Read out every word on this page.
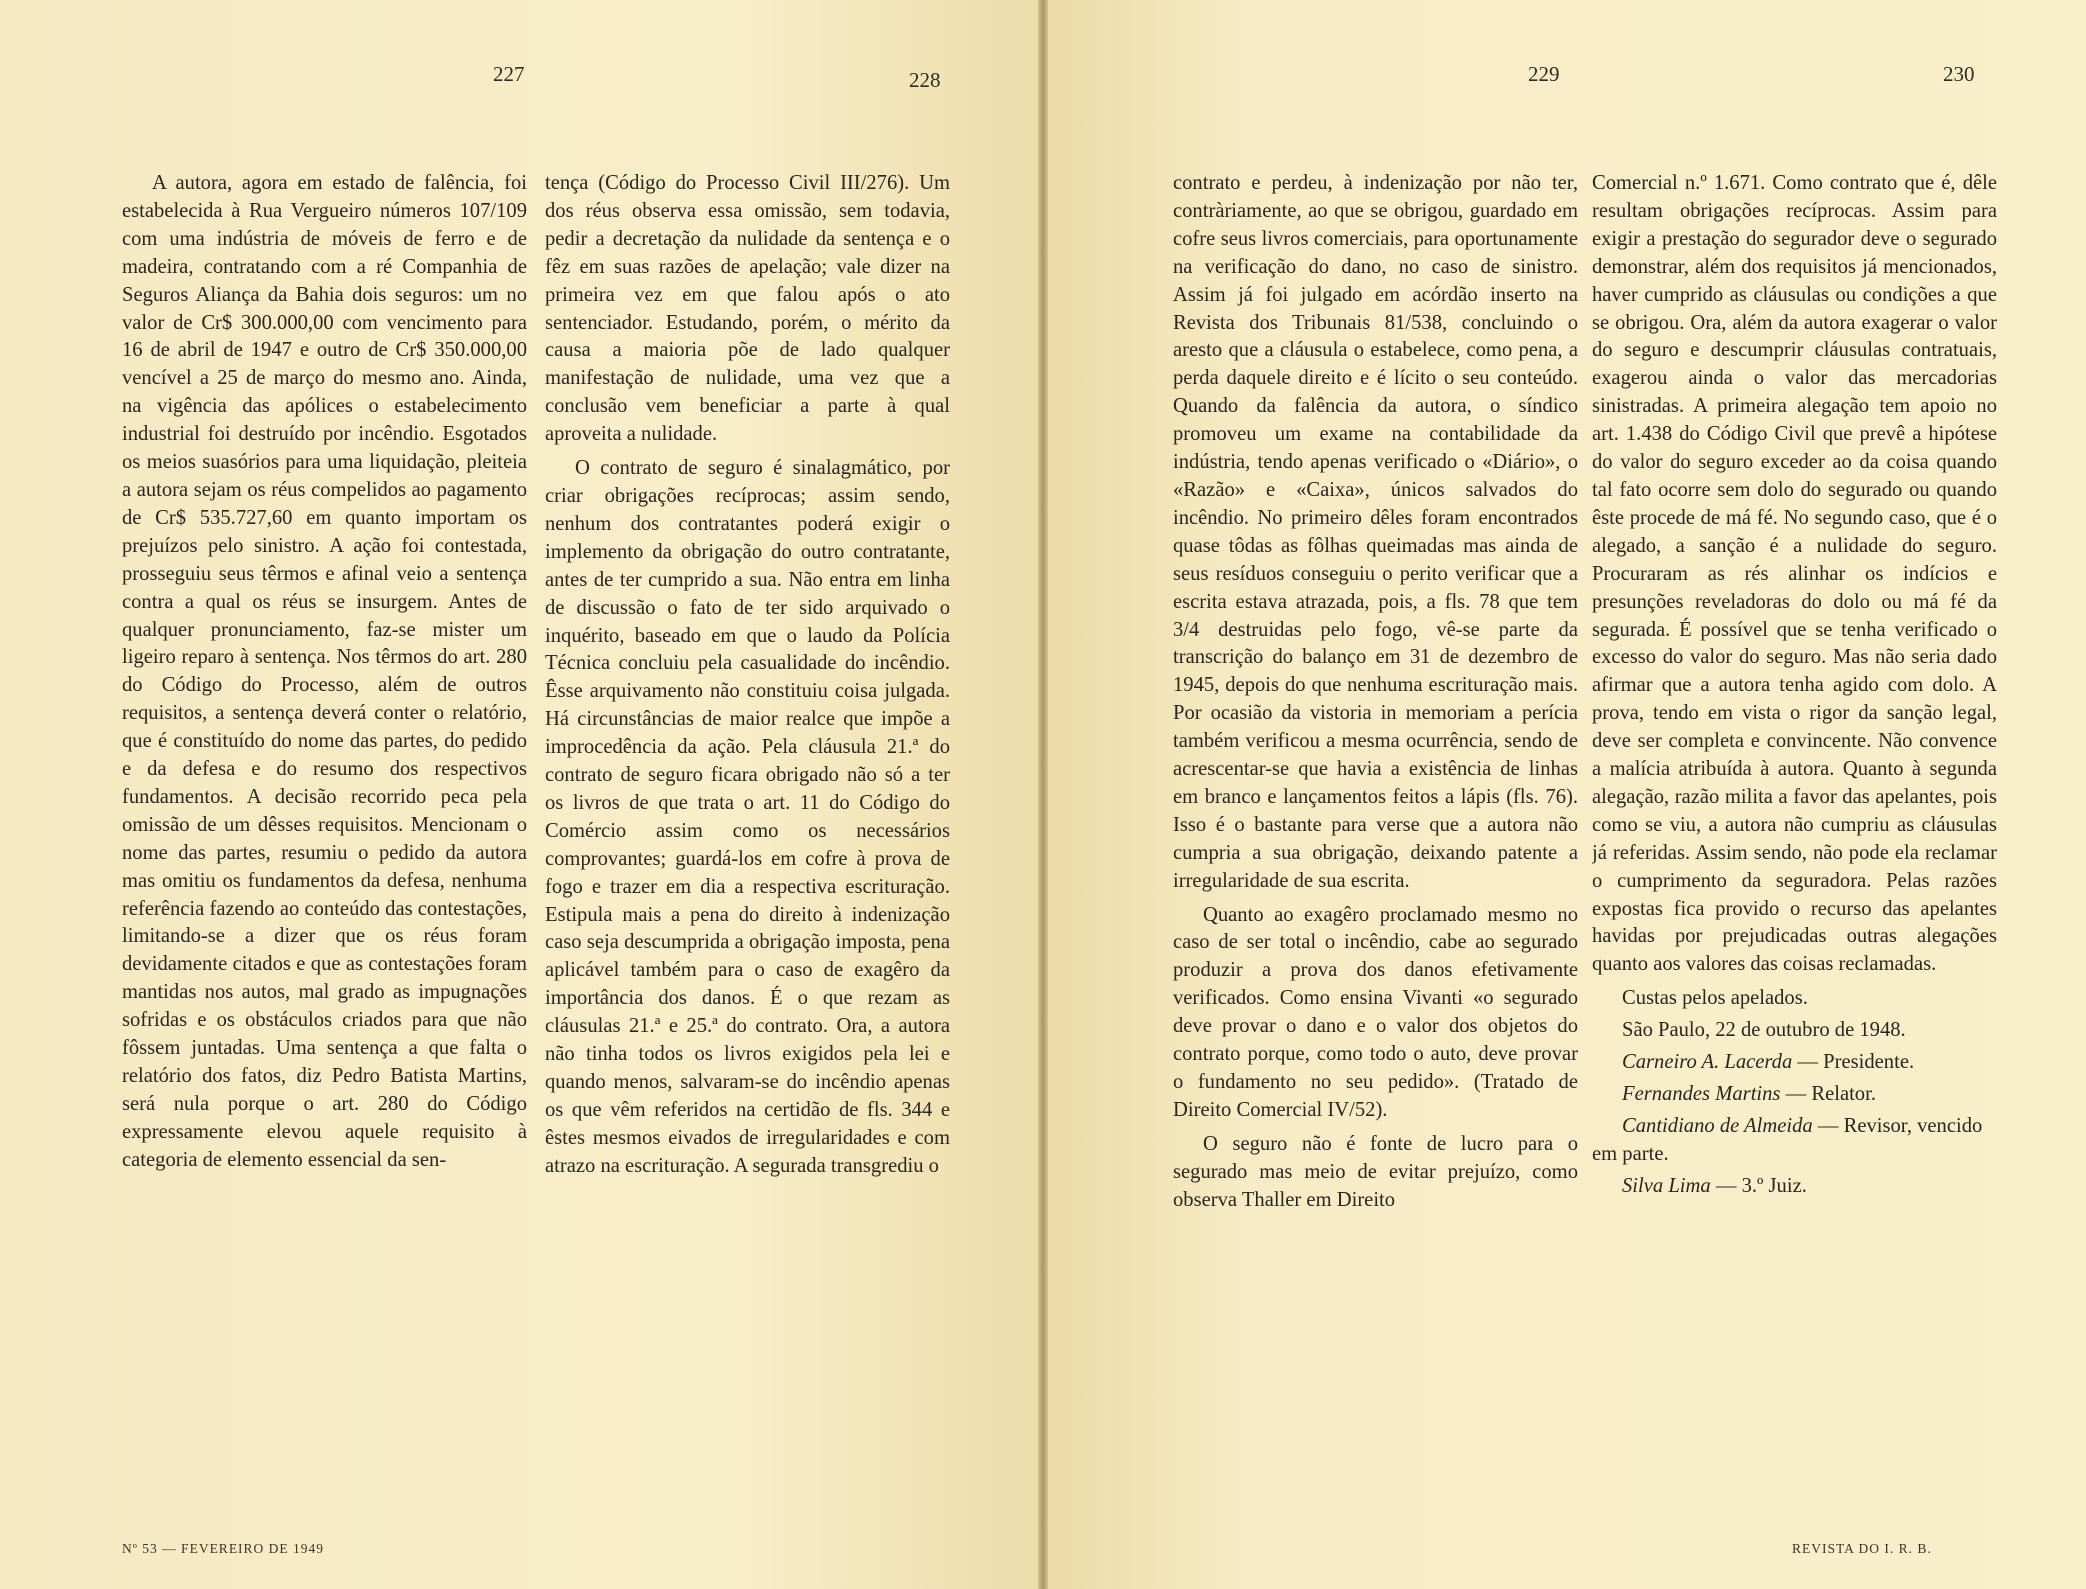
227	228	229	230

A autora, agora em estado de falência, foi estabelecida à Rua Vergueiro números 107/109 com uma indústria de móveis de ferro e de madeira, contratando com a ré Companhia de Seguros Aliança da Bahia dois seguros: um no valor de Cr$ 300.000,00 com vencimento para 16 de abril de 1947 e outro de Cr$ 350.000,00 vencível a 25 de março do mesmo ano. Ainda, na vigência das apólices o estabelecimento industrial foi destruído por incêndio. Esgotados os meios suasórios para uma liquidação, pleiteia a autora sejam os réus compelidos ao pagamento de Cr$ 535.727,60 em quanto importam os prejuízos pelo sinistro. A ação foi contestada, prosseguiu seus têrmos e afinal veio a sentença contra a qual os réus se insurgem. Antes de qualquer pronunciamento, faz-se mister um ligeiro reparo à sentença. Nos têrmos do art. 280 do Código do Processo, além de outros requisitos, a sentença deverá conter o relatório, que é constituído do nome das partes, do pedido e da defesa e do resumo dos respectivos fundamentos. A decisão recorrido peca pela omissão de um dêsses requisitos. Mencionam o nome das partes, resumiu o pedido da autora mas omitiu os fundamentos da defesa, nenhuma referência fazendo ao conteúdo das contestações, limitando-se a dizer que os réus foram devidamente citados e que as contestações foram mantidas nos autos, mal grado as impugnações sofridas e os obstáculos criados para que não fôssem juntadas. Uma sentença a que falta o relatório dos fatos, diz Pedro Batista Martins, será nula porque o art. 280 do Código expressamente elevou aquele requisito à categoria de elemento essencial da sen-

tença (Código do Processo Civil III/276). Um dos réus observa essa omissão, sem todavia, pedir a decretação da nulidade da sentença e o fêz em suas razões de apelação; vale dizer na primeira vez em que falou após o ato sentenciador. Estudando, porém, o mérito da causa a maioria põe de lado qualquer manifestação de nulidade, uma vez que a conclusão vem beneficiar a parte à qual aproveita a nulidade.

O contrato de seguro é sinalagmático, por criar obrigações recíprocas; assim sendo, nenhum dos contratantes poderá exigir o implemento da obrigação do outro contratante, antes de ter cumprido a sua. Não entra em linha de discussão o fato de ter sido arquivado o inquérito, baseado em que o laudo da Polícia Técnica concluiu pela casualidade do incêndio. Êsse arquivamento não constituiu coisa julgada. Há circunstâncias de maior realce que impõe a improcedência da ação. Pela cláusula 21.ª do contrato de seguro ficara obrigado não só a ter os livros de que trata o art. 11 do Código do Comércio assim como os necessários comprovantes; guardá-los em cofre à prova de fogo e trazer em dia a respectiva escrituração. Estipula mais a pena do direito à indenização caso seja descumprida a obrigação imposta, pena aplicável também para o caso de exagêro da importância dos danos. É o que rezam as cláusulas 21.ª e 25.ª do contrato. Ora, a autora não tinha todos os livros exigidos pela lei e quando menos, salvaram-se do incêndio apenas os que vêm referidos na certidão de fls. 344 e êstes mesmos eivados de irregularidades e com atrazo na escrituração. A segurada transgrediu o

contrato e perdeu, à indenização por não ter, contràriamente, ao que se obrigou, guardado em cofre seus livros comerciais, para oportunamente na verificação do dano, no caso de sinistro. Assim já foi julgado em acórdão inserto na Revista dos Tribunais 81/538, concluindo o aresto que a cláusula o estabelece, como pena, a perda daquele direito e é lícito o seu conteúdo. Quando da falência da autora, o síndico promoveu um exame na contabilidade da indústria, tendo apenas verificado o «Diário», o «Razão» e «Caixa», únicos salvados do incêndio. No primeiro dêles foram encontrados quase tôdas as fôlhas queimadas mas ainda de seus resíduos conseguiu o perito verificar que a escrita estava atrazada, pois, a fls. 78 que tem 3/4 destruidas pelo fogo, vê-se parte da transcrição do balanço em 31 de dezembro de 1945, depois do que nenhuma escrituração mais. Por ocasião da vistoria in memoriam a perícia também verificou a mesma ocurrência, sendo de acrescentar-se que havia a existência de linhas em branco e lançamentos feitos a lápis (fls. 76). Isso é o bastante para verse que a autora não cumpria a sua obrigação, deixando patente a irregularidade de sua escrita.

Quanto ao exagêro proclamado mesmo no caso de ser total o incêndio, cabe ao segurado produzir a prova dos danos efetivamente verificados. Como ensina Vivanti «o segurado deve provar o dano e o valor dos objetos do contrato porque, como todo o auto, deve provar o fundamento no seu pedido». (Tratado de Direito Comercial IV/52).

O seguro não é fonte de lucro para o segurado mas meio de evitar prejuízo, como observa Thaller em Direito

Comercial n.º 1.671. Como contrato que é, dêle resultam obrigações recíprocas. Assim para exigir a prestação do segurador deve o segurado demonstrar, além dos requisitos já mencionados, haver cumprido as cláusulas ou condições a que se obrigou. Ora, além da autora exagerar o valor do seguro e descumprir cláusulas contratuais, exagerou ainda o valor das mercadorias sinistradas. A primeira alegação tem apoio no art. 1.438 do Código Civil que prevê a hipótese do valor do seguro exceder ao da coisa quando tal fato ocorre sem dolo do segurado ou quando êste procede de má fé. No segundo caso, que é o alegado, a sanção é a nulidade do seguro. Procuraram as rés alinhar os indícios e presunções reveladoras do dolo ou má fé da segurada. É possível que se tenha verificado o excesso do valor do seguro. Mas não seria dado afirmar que a autora tenha agido com dolo. A prova, tendo em vista o rigor da sanção legal, deve ser completa e convincente. Não convence a malícia atribuída à autora. Quanto à segunda alegação, razão milita a favor das apelantes, pois como se viu, a autora não cumpriu as cláusulas já referidas. Assim sendo, não pode ela reclamar o cumprimento da seguradora. Pelas razões expostas fica provido o recurso das apelantes havidas por prejudicadas outras alegações quanto aos valores das coisas reclamadas.

Custas pelos apelados.

São Paulo, 22 de outubro de 1948.

Carneiro A. Lacerda — Presidente.

Fernandes Martins — Relator.

Cantidiano de Almeida — Revisor, vencido em parte.

Silva Lima — 3.º Juiz.

Nº 53 — FEVEREIRO DE 1949	REVISTA DO I. R. B.
